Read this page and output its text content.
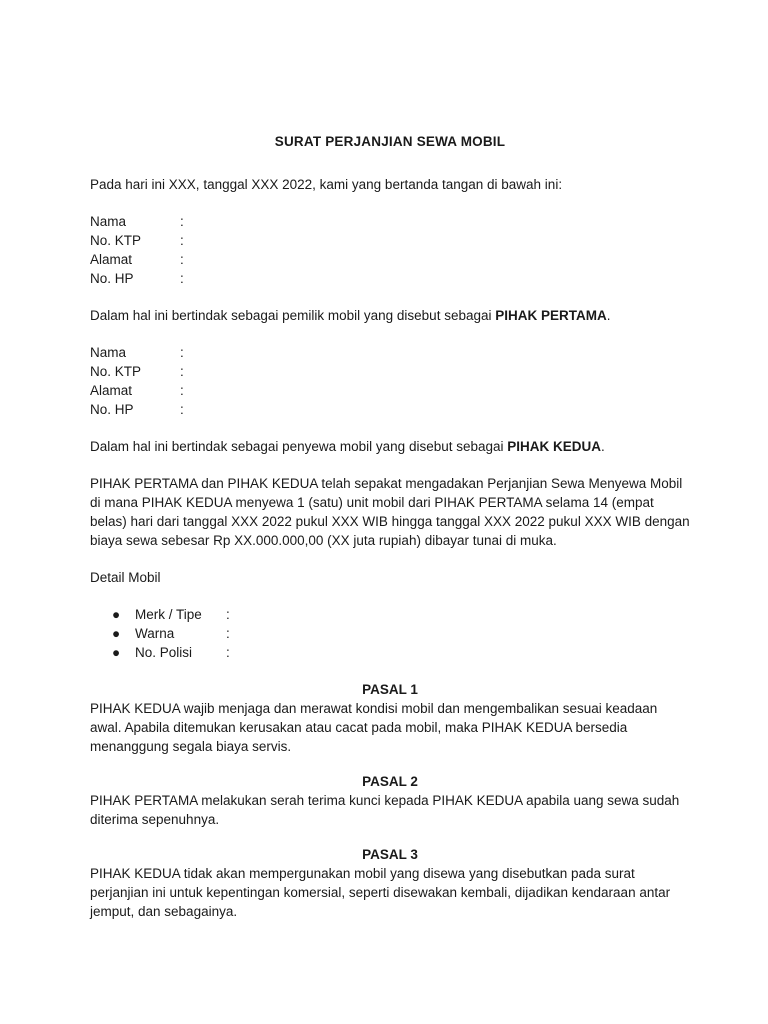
SURAT PERJANJIAN SEWA MOBIL

Pada hari ini XXX, tanggal XXX 2022, kami yang bertanda tangan di bawah ini:

Nama	:
No. KTP	:
Alamat	:
No. HP	:

Dalam hal ini bertindak sebagai pemilik mobil yang disebut sebagai PIHAK PERTAMA.

Nama	:
No. KTP	:
Alamat	:
No. HP	:

Dalam hal ini bertindak sebagai penyewa mobil yang disebut sebagai PIHAK KEDUA.

PIHAK PERTAMA dan PIHAK KEDUA telah sepakat mengadakan Perjanjian Sewa Menyewa Mobil di mana PIHAK KEDUA menyewa 1 (satu) unit mobil dari PIHAK PERTAMA selama 14 (empat belas) hari dari tanggal XXX 2022 pukul XXX WIB hingga tanggal XXX 2022 pukul XXX WIB dengan biaya sewa sebesar Rp XX.000.000,00 (XX juta rupiah) dibayar tunai di muka.

Detail Mobil

●	Merk / Tipe	:
●	Warna	:
●	No. Polisi	:
PASAL 1

PIHAK KEDUA wajib menjaga dan merawat kondisi mobil dan mengembalikan sesuai keadaan awal. Apabila ditemukan kerusakan atau cacat pada mobil, maka PIHAK KEDUA bersedia menanggung segala biaya servis.

PASAL 2

PIHAK PERTAMA melakukan serah terima kunci kepada PIHAK KEDUA apabila uang sewa sudah diterima sepenuhnya.

PASAL 3

PIHAK KEDUA tidak akan mempergunakan mobil yang disewa yang disebutkan pada surat perjanjian ini untuk kepentingan komersial, seperti disewakan kembali, dijadikan kendaraan antar jemput, dan sebagainya.
